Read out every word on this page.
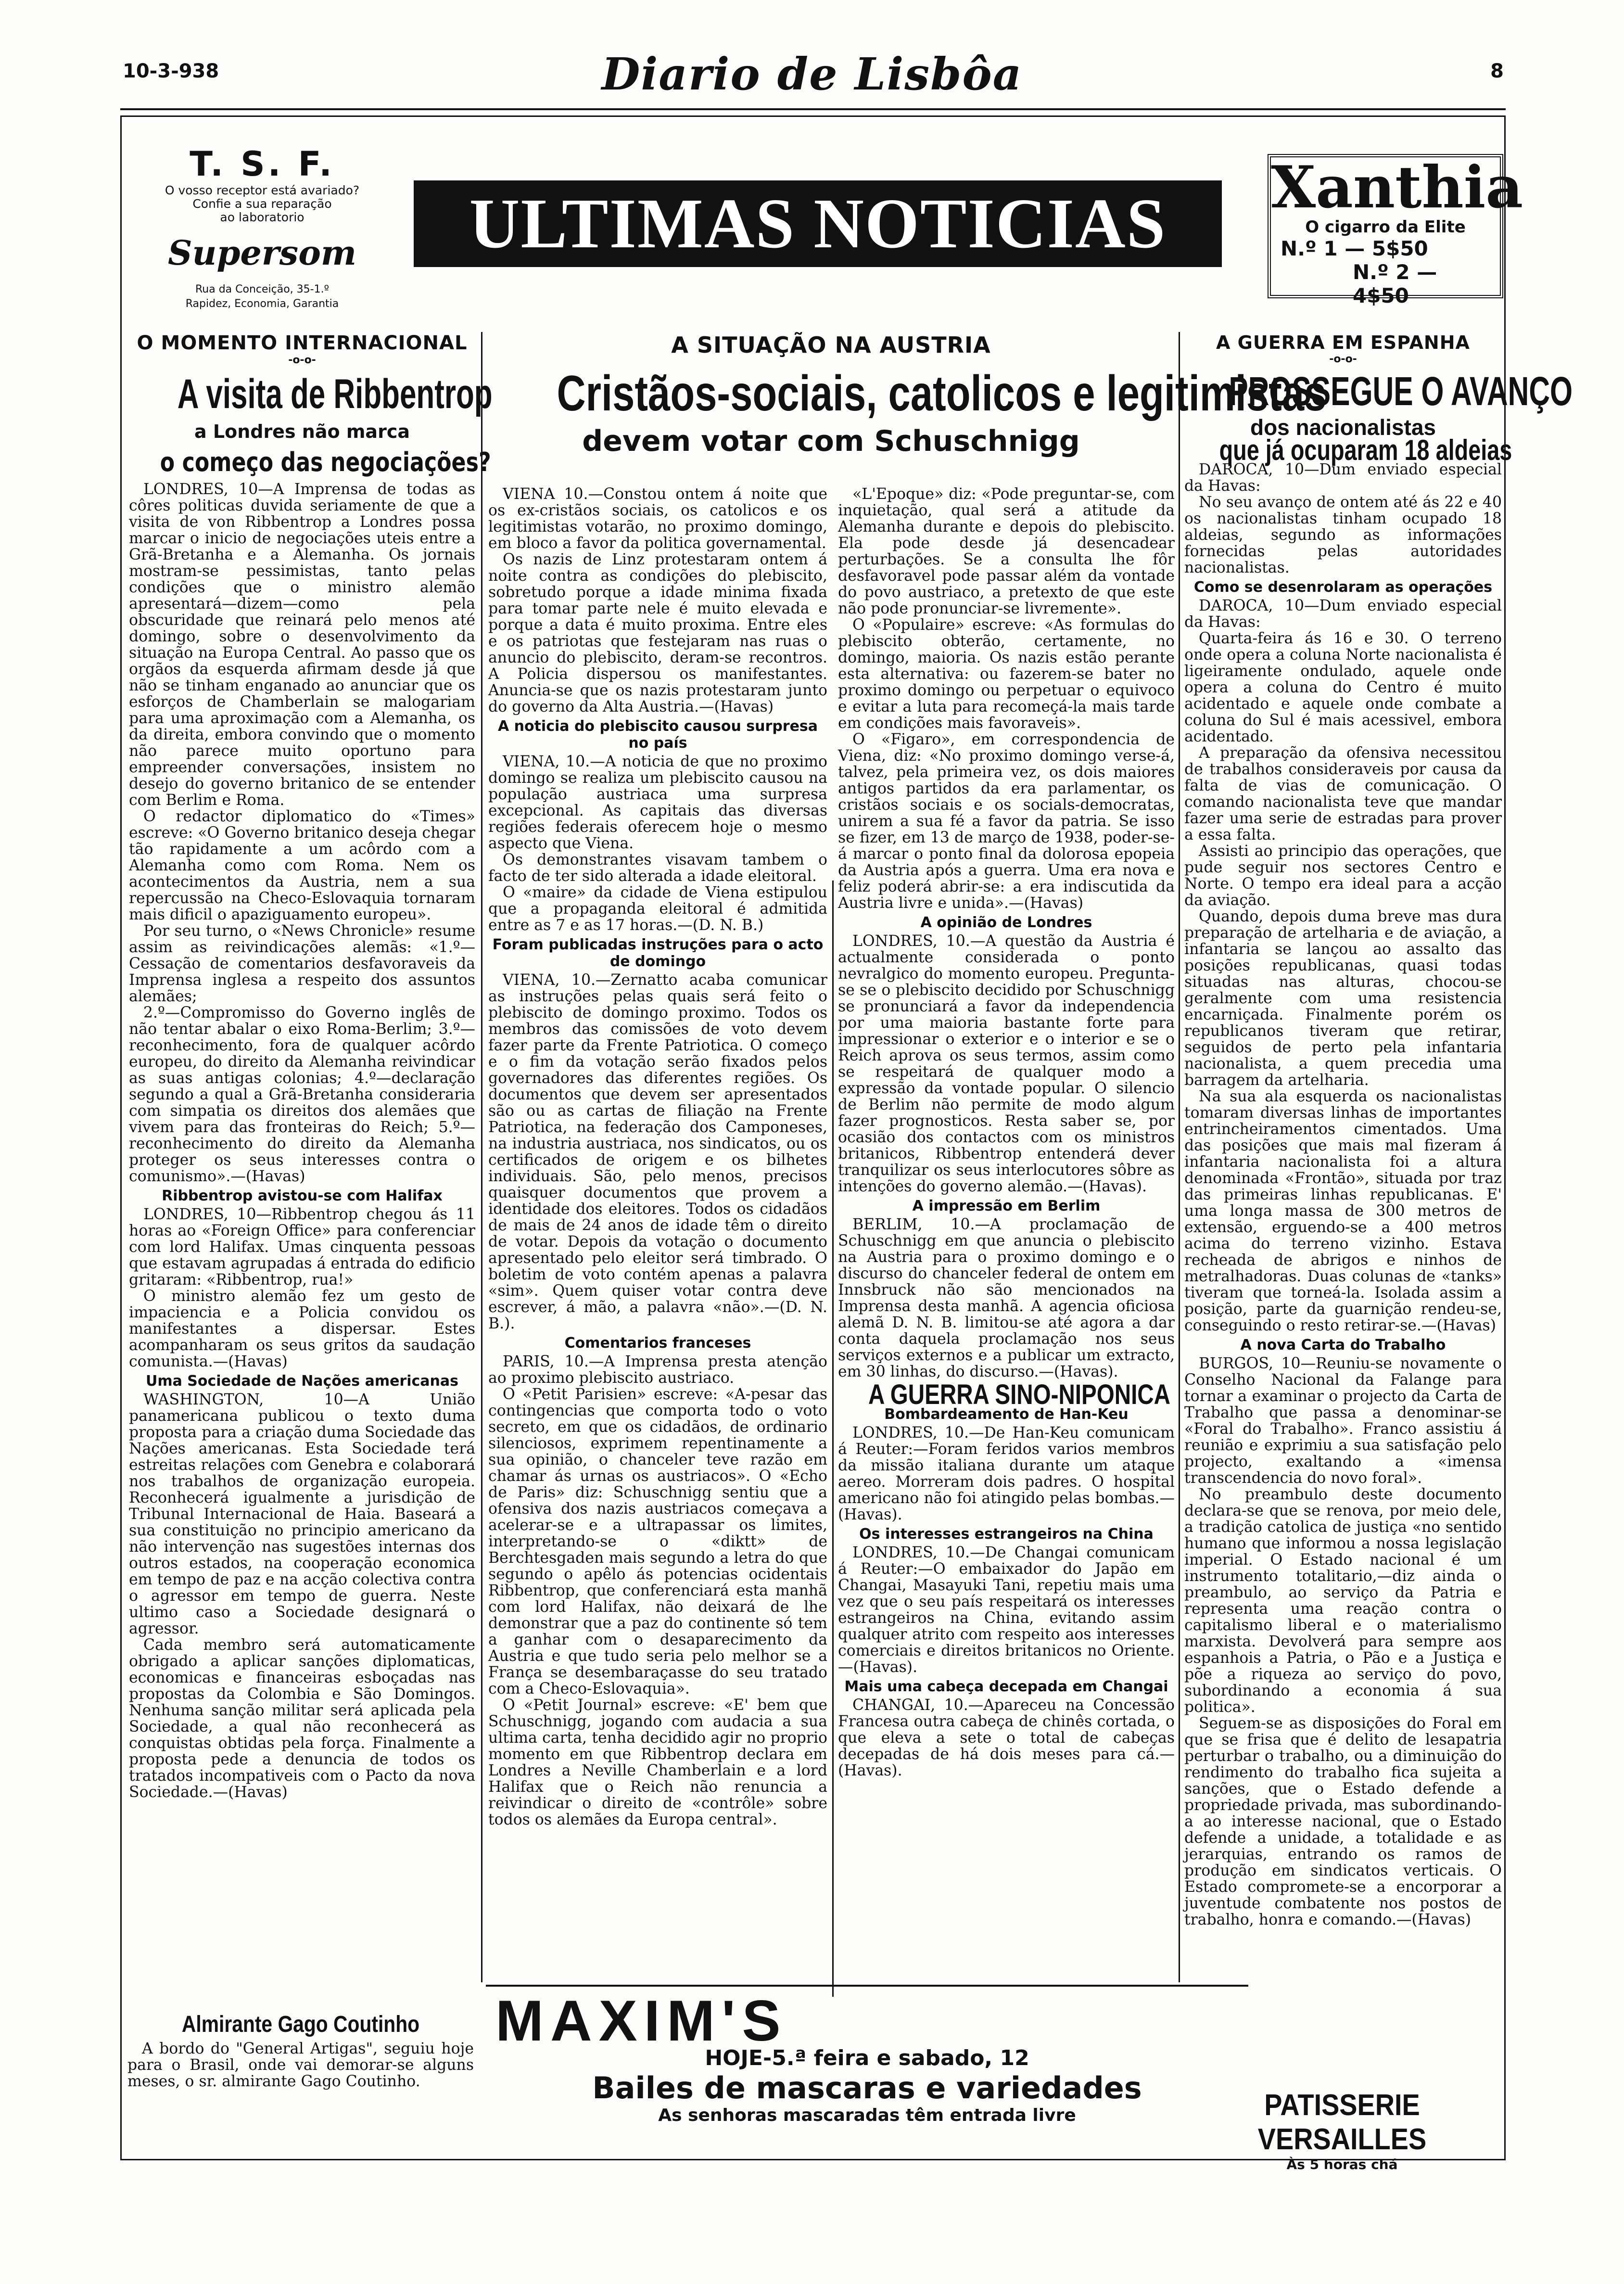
10-3-938	Diario de Lisbôa	8
T. S. F.
O vosso receptor está avariado?
Confie a sua reparação
ao laboratorio
Supersom
Rua da Conceição, 35-1.º
Rapidez, Economia, Garantia
ULTIMAS NOTICIAS	Xanthia
O cigarro da Elite
N.º 1 — 5$50
N.º 2 — 4$50
O MOMENTO INTERNACIONAL
-o-o-
A visita de Ribbentrop
a Londres não marca
o começo das negociações?

LONDRES, 10—A Imprensa de todas as côres politicas duvida seriamente de que a visita de von Ribbentrop a Londres possa marcar o inicio de negociações uteis entre a Grã-Bretanha e a Alemanha. Os jornais mostram-se pessimistas, tanto pelas condições que o ministro alemão apresentará—dizem—como pela obscuridade que reinará pelo menos até domingo, sobre o desenvolvimento da situação na Europa Central. Ao passo que os orgãos da esquerda afirmam desde já que não se tinham enganado ao anunciar que os esforços de Chamberlain se malogariam para uma aproximação com a Alemanha, os da direita, embora convindo que o momento não parece muito oportuno para empreender conversações, insistem no desejo do governo britanico de se entender com Berlim e Roma.

O redactor diplomatico do «Times» escreve: «O Governo britanico deseja chegar tão rapidamente a um acôrdo com a Alemanha como com Roma. Nem os acontecimentos da Austria, nem a sua repercussão na Checo-Eslovaquia tornaram mais dificil o apaziguamento europeu».

Por seu turno, o «News Chronicle» resume assim as reivindicações alemãs: «1.º—Cessação de comentarios desfavoraveis da Imprensa inglesa a respeito dos assuntos alemães;

2.º—Compromisso do Governo inglês de não tentar abalar o eixo Roma-Berlim; 3.º—reconhecimento, fora de qualquer acôrdo europeu, do direito da Alemanha reivindicar as suas antigas colonias; 4.º—declaração segundo a qual a Grã-Bretanha consideraria com simpatia os direitos dos alemães que vivem para das fronteiras do Reich; 5.º—reconhecimento do direito da Alemanha proteger os seus interesses contra o comunismo».—(Havas)

Ribbentrop avistou-se com Halifax

LONDRES, 10—Ribbentrop chegou ás 11 horas ao «Foreign Office» para conferenciar com lord Halifax. Umas cinquenta pessoas que estavam agrupadas á entrada do edificio gritaram: «Ribbentrop, rua!»

O ministro alemão fez um gesto de impaciencia e a Policia convidou os manifestantes a dispersar. Estes acompanharam os seus gritos da saudação comunista.—(Havas)

Uma Sociedade de Nações americanas

WASHINGTON, 10—A União panamericana publicou o texto duma proposta para a criação duma Sociedade das Nações americanas. Esta Sociedade terá estreitas relações com Genebra e colaborará nos trabalhos de organização europeia. Reconhecerá igualmente a jurisdição de Tribunal Internacional de Haia. Baseará a sua constituição no principio americano da não intervenção nas sugestões internas dos outros estados, na cooperação economica em tempo de paz e na acção colectiva contra o agressor em tempo de guerra. Neste ultimo caso a Sociedade designará o agressor.

Cada membro será automaticamente obrigado a aplicar sanções diplomaticas, economicas e financeiras esboçadas nas propostas da Colombia e São Domingos. Nenhuma sanção militar será aplicada pela Sociedade, a qual não reconhecerá as conquistas obtidas pela força. Finalmente a proposta pede a denuncia de todos os tratados incompativeis com o Pacto da nova Sociedade.—(Havas)

Almirante Gago Coutinho
A bordo do "General Artigas", seguiu hoje para o Brasil, onde vai demorar-se alguns meses, o sr. almirante Gago Coutinho.
A SITUAÇÃO NA AUSTRIA
Cristãos-sociais, catolicos e legitimistas
devem votar com Schuschnigg

VIENA 10.—Constou ontem á noite que os ex-cristãos sociais, os catolicos e os legitimistas votarão, no proximo domingo, em bloco a favor da politica governamental.

Os nazis de Linz protestaram ontem á noite contra as condições do plebiscito, sobretudo porque a idade minima fixada para tomar parte nele é muito elevada e porque a data é muito proxima. Entre eles e os patriotas que festejaram nas ruas o anuncio do plebiscito, deram-se recontros. A Policia dispersou os manifestantes. Anuncia-se que os nazis protestaram junto do governo da Alta Austria.—(Havas)

A noticia do plebiscito causou surpresa no país

VIENA, 10.—A noticia de que no proximo domingo se realiza um plebiscito causou na população austriaca uma surpresa excepcional. As capitais das diversas regiões federais oferecem hoje o mesmo aspecto que Viena.

Os demonstrantes visavam tambem o facto de ter sido alterada a idade eleitoral.

O «maire» da cidade de Viena estipulou que a propaganda eleitoral é admitida entre as 7 e as 17 horas.—(D. N. B.)

Foram publicadas instruções para o acto de domingo

VIENA, 10.—Zernatto acaba comunicar as instruções pelas quais será feito o plebiscito de domingo proximo. Todos os membros das comissões de voto devem fazer parte da Frente Patriotica. O começo e o fim da votação serão fixados pelos governadores das diferentes regiões. Os documentos que devem ser apresentados são ou as cartas de filiação na Frente Patriotica, na federação dos Camponeses, na industria austriaca, nos sindicatos, ou os certificados de origem e os bilhetes individuais. São, pelo menos, precisos quaisquer documentos que provem a identidade dos eleitores. Todos os cidadãos de mais de 24 anos de idade têm o direito de votar. Depois da votação o documento apresentado pelo eleitor será timbrado. O boletim de voto contém apenas a palavra «sim». Quem quiser votar contra deve escrever, á mão, a palavra «não».—(D. N. B.).

Comentarios franceses

PARIS, 10.—A Imprensa presta atenção ao proximo plebiscito austriaco.

O «Petit Parisien» escreve: «A-pesar das contingencias que comporta todo o voto secreto, em que os cidadãos, de ordinario silenciosos, exprimem repentinamente a sua opinião, o chanceler teve razão em chamar ás urnas os austriacos». O «Echo de Paris» diz: Schuschnigg sentiu que a ofensiva dos nazis austriacos começava a acelerar-se e a ultrapassar os limites, interpretando-se o «diktt» de Berchtesgaden mais segundo a letra do que segundo o apêlo ás potencias ocidentais Ribbentrop, que conferenciará esta manhã com lord Halifax, não deixará de lhe demonstrar que a paz do continente só tem a ganhar com o desaparecimento da Austria e que tudo seria pelo melhor se a França se desembaraçasse do seu tratado com a Checo-Eslovaquia».

O «Petit Journal» escreve: «E' bem que Schuschnigg, jogando com audacia a sua ultima carta, tenha decidido agir no proprio momento em que Ribbentrop declara em Londres a Neville Chamberlain e a lord Halifax que o Reich não renuncia a reivindicar o direito de «contrôle» sobre todos os alemães da Europa central».

«L'Epoque» diz: «Pode preguntar-se, com inquietação, qual será a atitude da Alemanha durante e depois do plebiscito. Ela pode desde já desencadear perturbações. Se a consulta lhe fôr desfavoravel pode passar além da vontade do povo austriaco, a pretexto de que este não pode pronunciar-se livremente».

O «Populaire» escreve: «As formulas do plebiscito obterão, certamente, no domingo, maioria. Os nazis estão perante esta alternativa: ou fazerem-se bater no proximo domingo ou perpetuar o equivoco e evitar a luta para recomeçá-la mais tarde em condições mais favoraveis».

O «Figaro», em correspondencia de Viena, diz: «No proximo domingo verse-á, talvez, pela primeira vez, os dois maiores antigos partidos da era parlamentar, os cristãos sociais e os socials-democratas, unirem a sua fé a favor da patria. Se isso se fizer, em 13 de março de 1938, poder-se-á marcar o ponto final da dolorosa epopeia da Austria após a guerra. Uma era nova e feliz poderá abrir-se: a era indiscutida da Austria livre e unida».—(Havas)

A opinião de Londres

LONDRES, 10.—A questão da Austria é actualmente considerada o ponto nevralgico do momento europeu. Pregunta-se se o plebiscito decidido por Schuschnigg se pronunciará a favor da independencia por uma maioria bastante forte para impressionar o exterior e o interior e se o Reich aprova os seus termos, assim como se respeitará de qualquer modo a expressão da vontade popular. O silencio de Berlim não permite de modo algum fazer prognosticos. Resta saber se, por ocasião dos contactos com os ministros britanicos, Ribbentrop entenderá dever tranquilizar os seus interlocutores sôbre as intenções do governo alemão.—(Havas).

A impressão em Berlim

BERLIM, 10.—A proclamação de Schuschnigg em que anuncia o plebiscito na Austria para o proximo domingo e o discurso do chanceler federal de ontem em Innsbruck não são mencionados na Imprensa desta manhã. A agencia oficiosa alemã D. N. B. limitou-se até agora a dar conta daquela proclamação nos seus serviços externos e a publicar um extracto, em 30 linhas, do discurso.—(Havas).

A GUERRA SINO-NIPONICA
Bombardeamento de Han-Keu

LONDRES, 10.—De Han-Keu comunicam á Reuter:—Foram feridos varios membros da missão italiana durante um ataque aereo. Morreram dois padres. O hospital americano não foi atingido pelas bombas.—(Havas).

Os interesses estrangeiros na China

LONDRES, 10.—De Changai comunicam á Reuter:—O embaixador do Japão em Changai, Masayuki Tani, repetiu mais uma vez que o seu país respeitará os interesses estrangeiros na China, evitando assim qualquer atrito com respeito aos interesses comerciais e direitos britanicos no Oriente.—(Havas).

Mais uma cabeça decepada em Changai

CHANGAI, 10.—Apareceu na Concessão Francesa outra cabeça de chinês cortada, o que eleva a sete o total de cabeças decepadas de há dois meses para cá.—(Havas).

A GUERRA EM ESPANHA
-o-o-
PROSSEGUE O AVANÇO
dos nacionalistas
que já ocuparam 18 aldeias

DAROCA, 10—Dum enviado especial da Havas:

No seu avanço de ontem até ás 22 e 40 os nacionalistas tinham ocupado 18 aldeias, segundo as informações fornecidas pelas autoridades nacionalistas.

Como se desenrolaram as operações

DAROCA, 10—Dum enviado especial da Havas:

Quarta-feira ás 16 e 30. O terreno onde opera a coluna Norte nacionalista é ligeiramente ondulado, aquele onde opera a coluna do Centro é muito acidentado e aquele onde combate a coluna do Sul é mais acessivel, embora acidentado.

A preparação da ofensiva necessitou de trabalhos consideraveis por causa da falta de vias de comunicação. O comando nacionalista teve que mandar fazer uma serie de estradas para prover a essa falta.

Assisti ao principio das operações, que pude seguir nos sectores Centro e Norte. O tempo era ideal para a acção da aviação.

Quando, depois duma breve mas dura preparação de artelharia e de aviação, a infantaria se lançou ao assalto das posições republicanas, quasi todas situadas nas alturas, chocou-se geralmente com uma resistencia encarniçada. Finalmente porém os republicanos tiveram que retirar, seguidos de perto pela infantaria nacionalista, a quem precedia uma barragem da artelharia.

Na sua ala esquerda os nacionalistas tomaram diversas linhas de importantes entrincheiramentos cimentados. Uma das posições que mais mal fizeram á infantaria nacionalista foi a altura denominada «Frontão», situada por traz das primeiras linhas republicanas. E' uma longa massa de 300 metros de extensão, erguendo-se a 400 metros acima do terreno vizinho. Estava recheada de abrigos e ninhos de metralhadoras. Duas colunas de «tanks» tiveram que torneá-la. Isolada assim a posição, parte da guarnição rendeu-se, conseguindo o resto retirar-se.—(Havas)

A nova Carta do Trabalho

BURGOS, 10—Reuniu-se novamente o Conselho Nacional da Falange para tornar a examinar o projecto da Carta de Trabalho que passa a denominar-se «Foral do Trabalho». Franco assistiu á reunião e exprimiu a sua satisfação pelo projecto, exaltando a «imensa transcendencia do novo foral».

No preambulo deste documento declara-se que se renova, por meio dele, a tradição catolica de justiça «no sentido humano que informou a nossa legislação imperial. O Estado nacional é um instrumento totalitario,—diz ainda o preambulo, ao serviço da Patria e representa uma reação contra o capitalismo liberal e o materialismo marxista. Devolverá para sempre aos espanhois a Patria, o Pão e a Justiça e põe a riqueza ao serviço do povo, subordinando a economia á sua politica».

Seguem-se as disposições do Foral em que se frisa que é delito de lesapatria perturbar o trabalho, ou a diminuição do rendimento do trabalho fica sujeita a sanções, que o Estado defende a propriedade privada, mas subordinando-a ao interesse nacional, que o Estado defende a unidade, a totalidade e as jerarquias, entrando os ramos de produção em sindicatos verticais. O Estado compromete-se a encorporar a juventude combatente nos postos de trabalho, honra e comando.—(Havas)

MAXIM'S
HOJE-5.ª feira e sabado, 12
Bailes de mascaras e variedades
As senhoras mascaradas têm entrada livre	PATISSERIE VERSAILLES
Às 5 horas chá
